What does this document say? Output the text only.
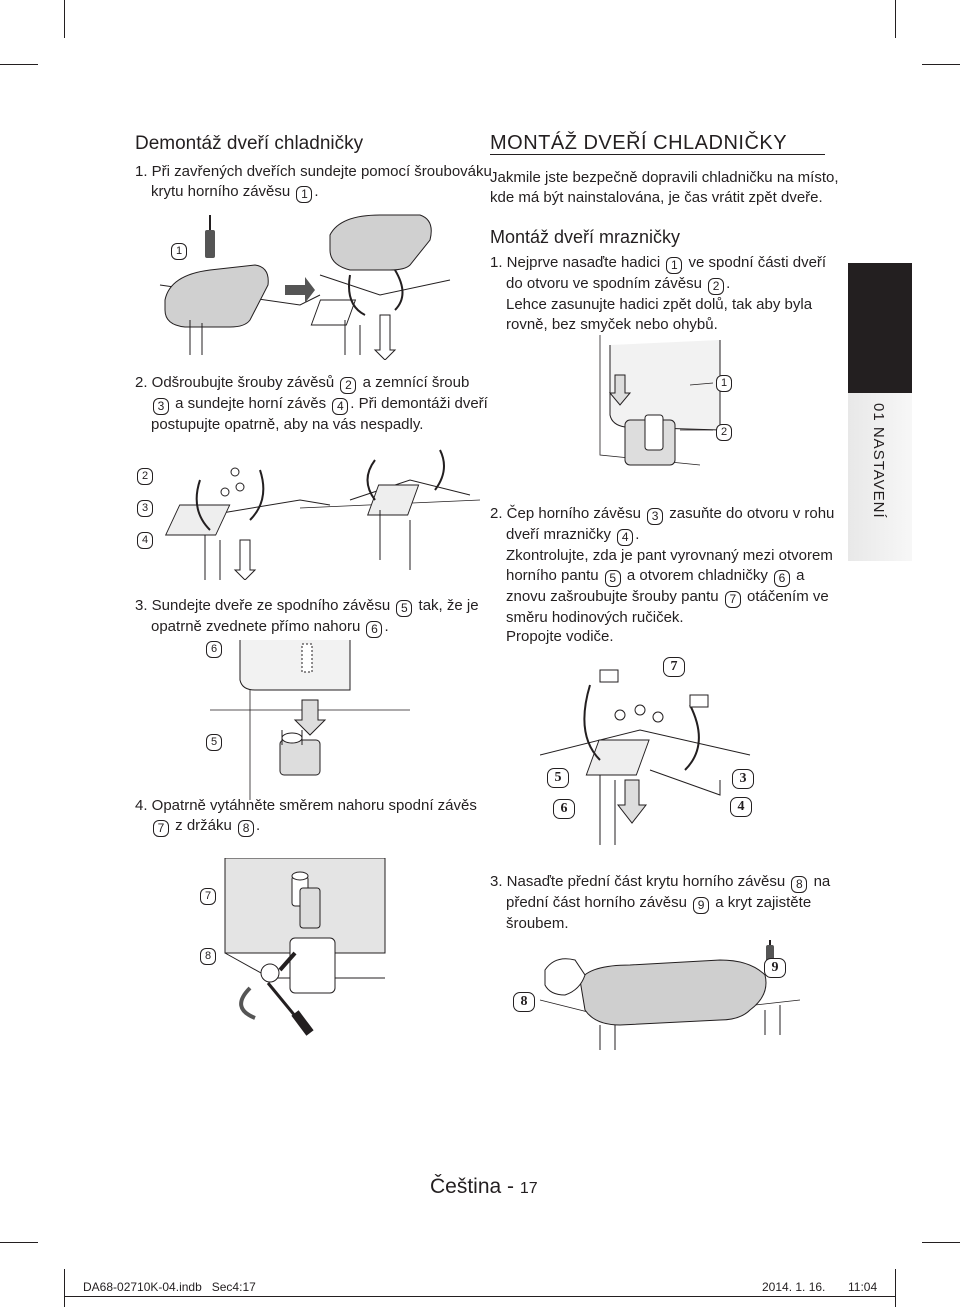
Demontáž dveří chladničky
1. Při zavřených dveřích sundejte pomocí šroubováku
krytu horního závěsu 1 .
1
2. Odšroubujte šrouby závěsů 2 a zemnící šroub
3 a sundejte horní závěs 4 . Při demontáži dveří
postupujte opatrně, aby na vás nespadly.
2
3
4
3. Sundejte dveře ze spodního závěsu 5 tak, že je
opatrně zvednete přímo nahoru 6 .
6
5
4. Opatrně vytáhněte směrem nahoru spodní závěs
7 z držáku 8 .
7
8
MONTÁŽ DVEŘÍ CHLADNIČKY
Jakmile jste bezpečně dopravili chladničku na místo,
kde má být nainstalována, je čas vrátit zpět dveře.
Montáž dveří mrazničky
1. Nejprve nasaďte hadici 1 ve spodní části dveří
do otvoru ve spodním závěsu 2 .
Lehce zasunujte hadici zpět dolů, tak aby byla
rovně, bez smyček nebo ohybů.
1
2
2. Čep horního závěsu 3 zasuňte do otvoru v rohu
dveří mrazničky 4 .
Zkontrolujte, zda je pant vyrovnaný mezi otvorem
horního pantu 5 a otvorem chladničky 6 a
znovu zašroubujte šrouby pantu 7 otáčením ve
směru hodinových ručiček.
Propojte vodiče.
7
5
6
3
4
3. Nasaďte přední část krytu horního závěsu 8 na
přední část horního závěsu 9 a kryt zajistěte
šroubem.
8
9
01 NASTAVENÍ
Čeština - 17
DA68-02710K-04.indb   Sec4:17	2014. 1. 16. 11:04
